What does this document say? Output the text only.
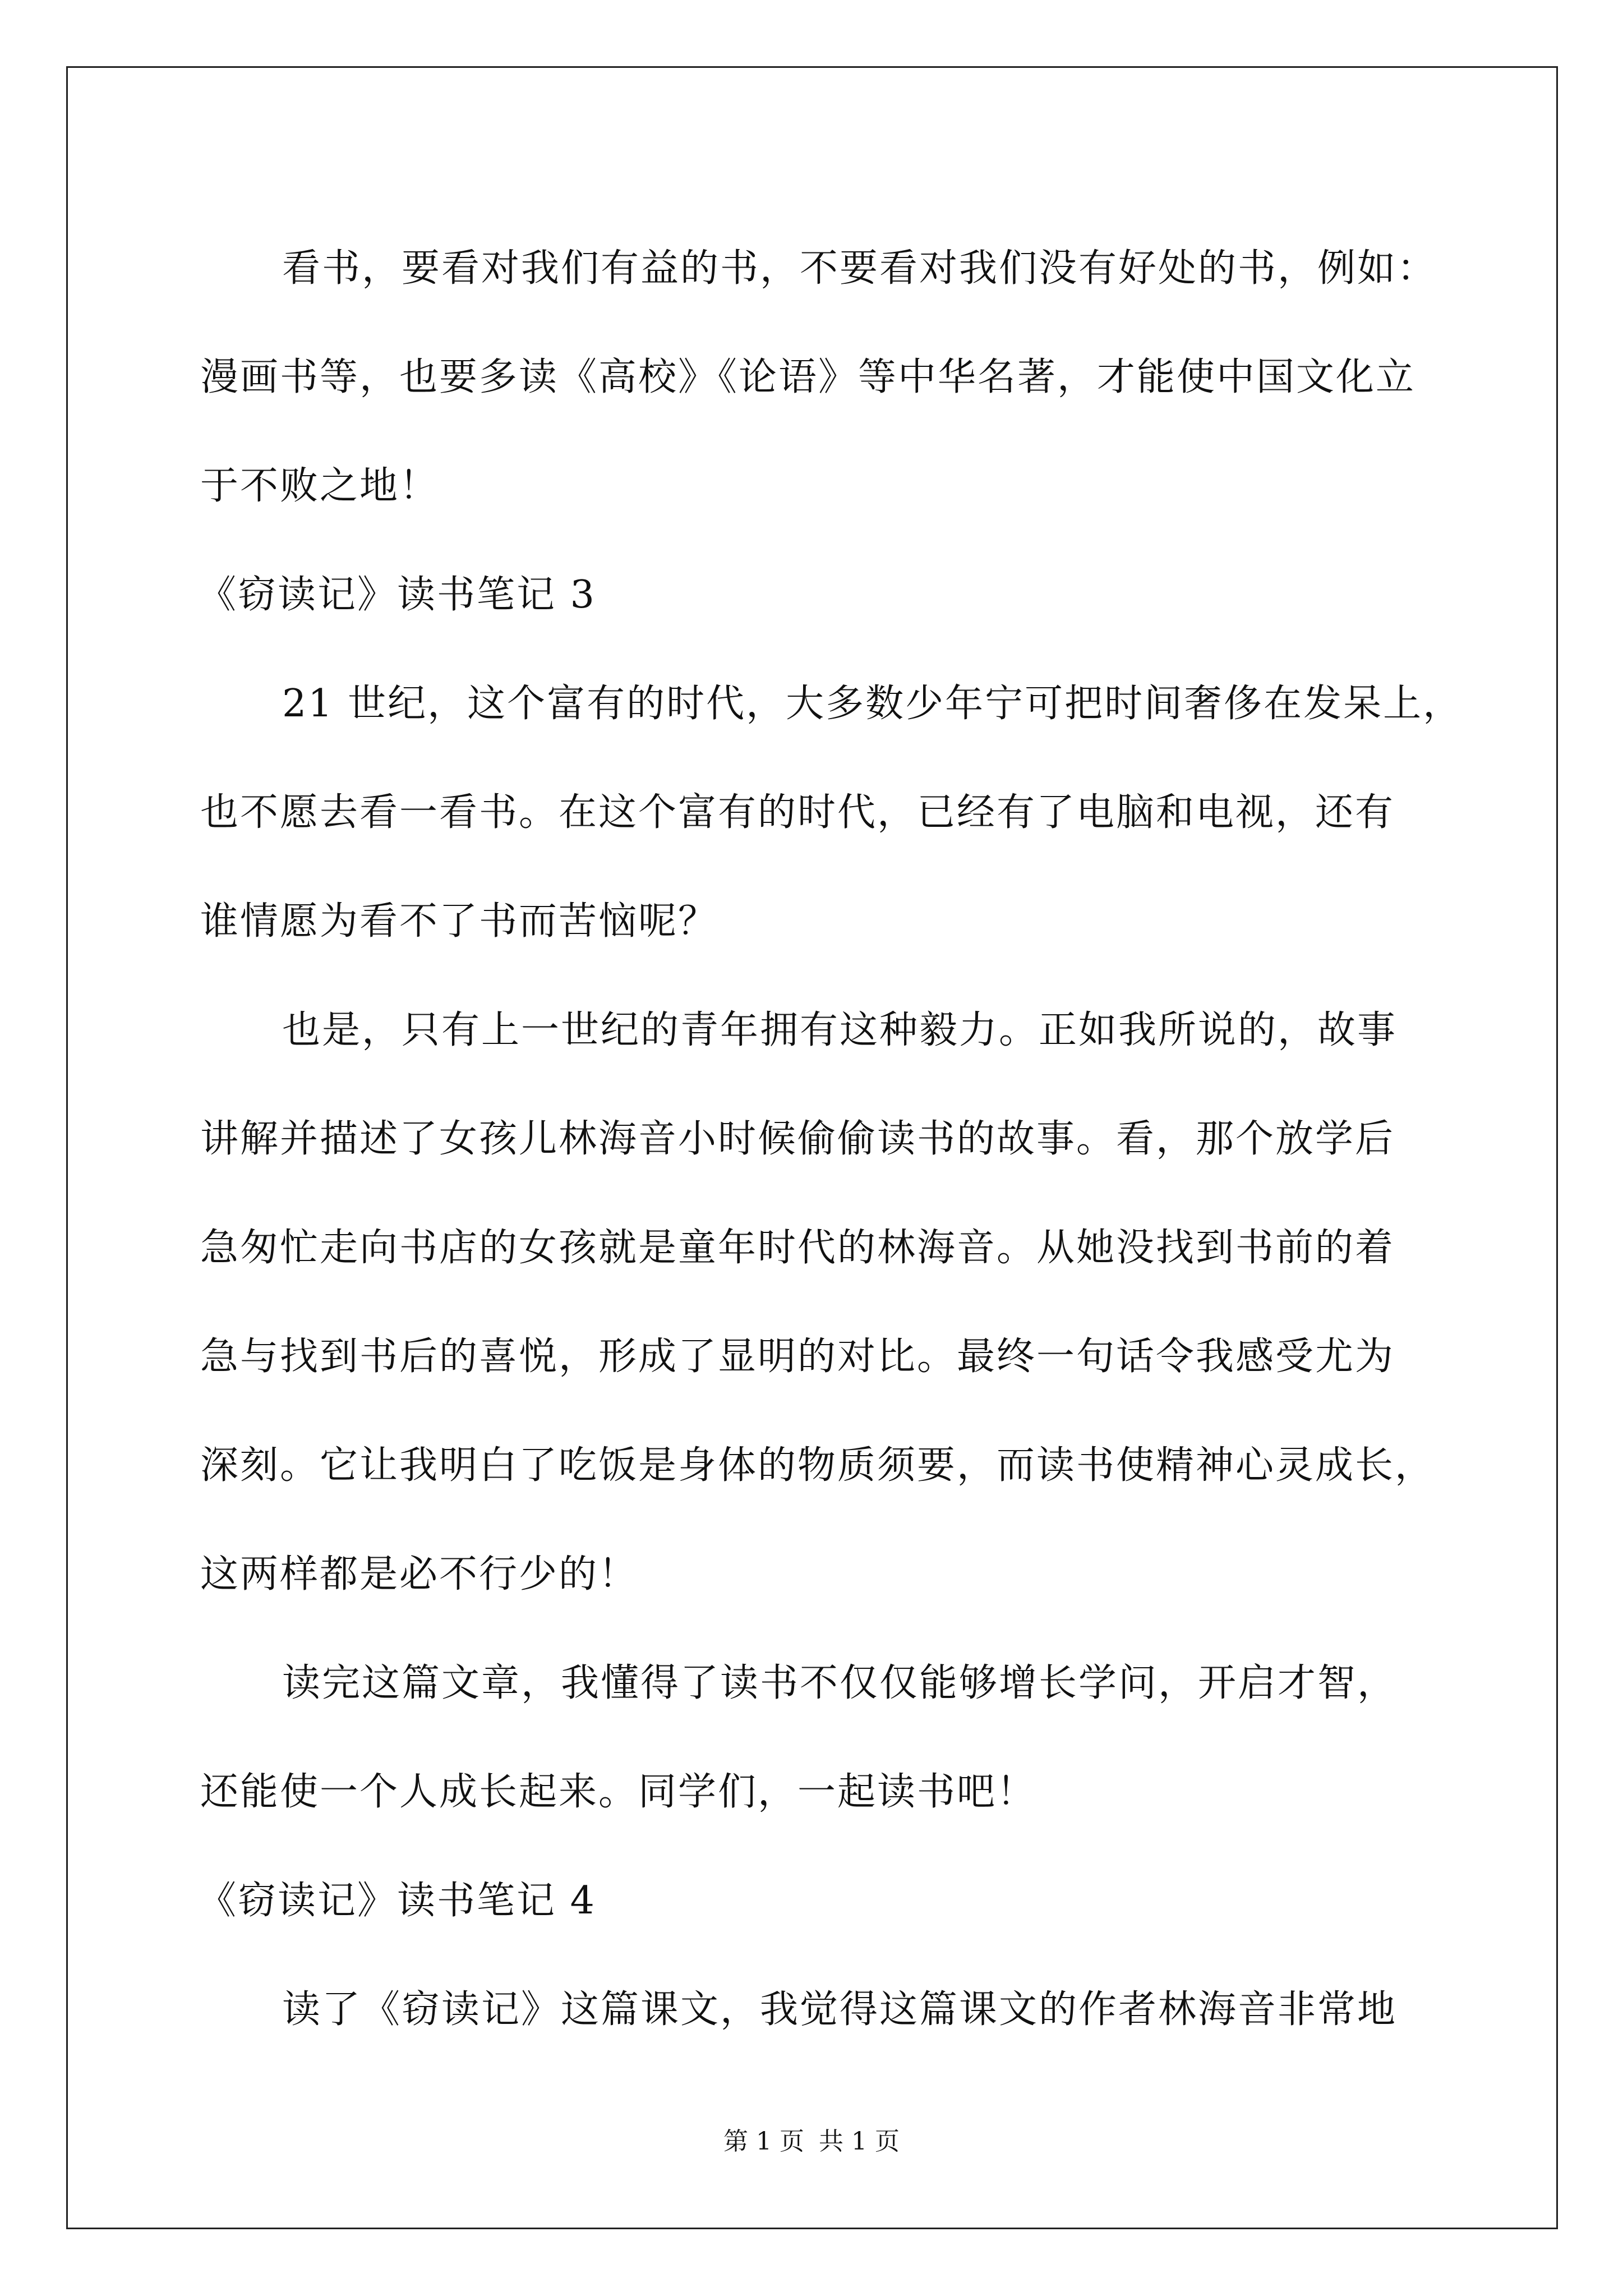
看书，要看对我们有益的书，不要看对我们没有好处的书，例如：
漫画书等，也要多读《高校》《论语》等中华名著，才能使中国文化立
于不败之地！
《窃读记》读书笔记 3
21 世纪，这个富有的时代，大多数少年宁可把时间奢侈在发呆上，
也不愿去看一看书。在这个富有的时代，已经有了电脑和电视，还有
谁情愿为看不了书而苦恼呢？
也是，只有上一世纪的青年拥有这种毅力。正如我所说的，故事
讲解并描述了女孩儿林海音小时候偷偷读书的故事。看，那个放学后
急匆忙走向书店的女孩就是童年时代的林海音。从她没找到书前的着
急与找到书后的喜悦，形成了显明的对比。最终一句话令我感受尤为
深刻。它让我明白了吃饭是身体的物质须要，而读书使精神心灵成长，
这两样都是必不行少的！
读完这篇文章，我懂得了读书不仅仅能够增长学问，开启才智，
还能使一个人成长起来。同学们，一起读书吧！
《窃读记》读书笔记 4
读了《窃读记》这篇课文，我觉得这篇课文的作者林海音非常地
第 1 页 共 1 页
